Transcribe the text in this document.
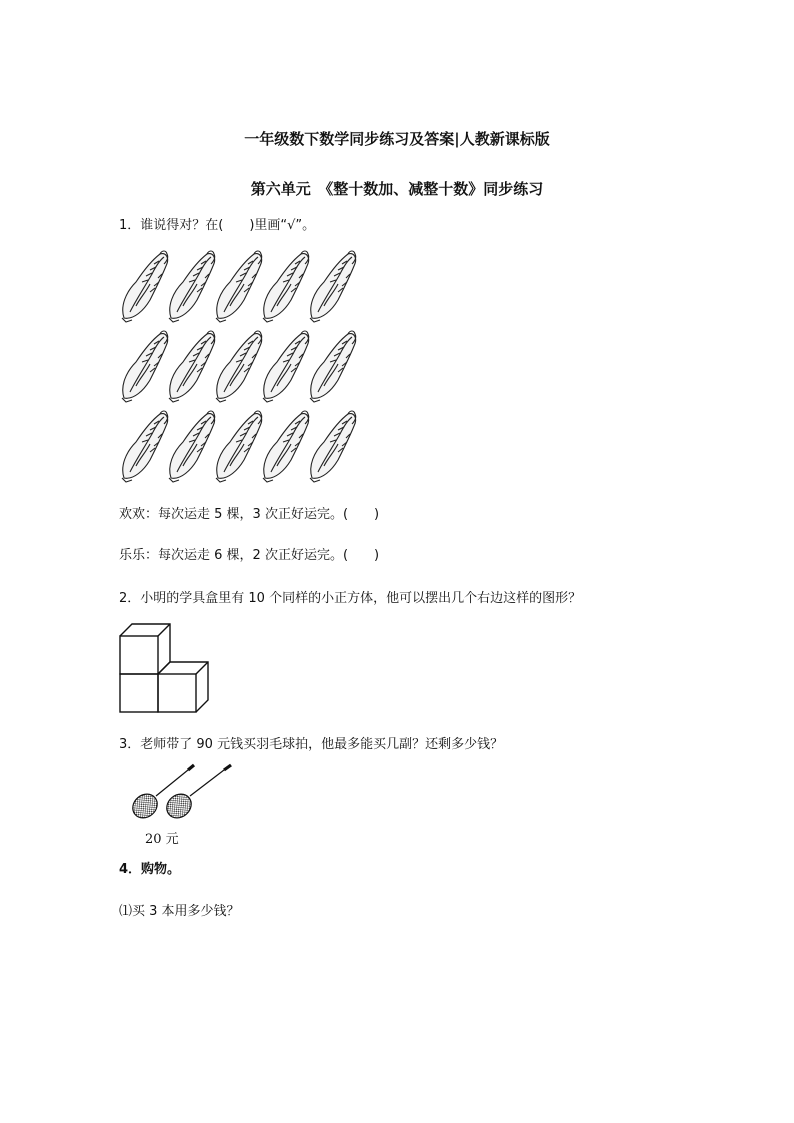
一年级数下数学同步练习及答案|人教新课标版
第六单元　《整十数加、减整十数》同步练习
1．谁说得对？在(　　)里画“√”。
欢欢：每次运走 5 棵，3 次正好运完。(　　)
乐乐：每次运走 6 棵，2 次正好运完。(　　)
2．小明的学具盒里有 10 个同样的小正方体，他可以摆出几个右边这样的图形？
3．老师带了 90 元钱买羽毛球拍，他最多能买几副？还剩多少钱？
20 元
4．购物。
⑴买 3 本用多少钱？
